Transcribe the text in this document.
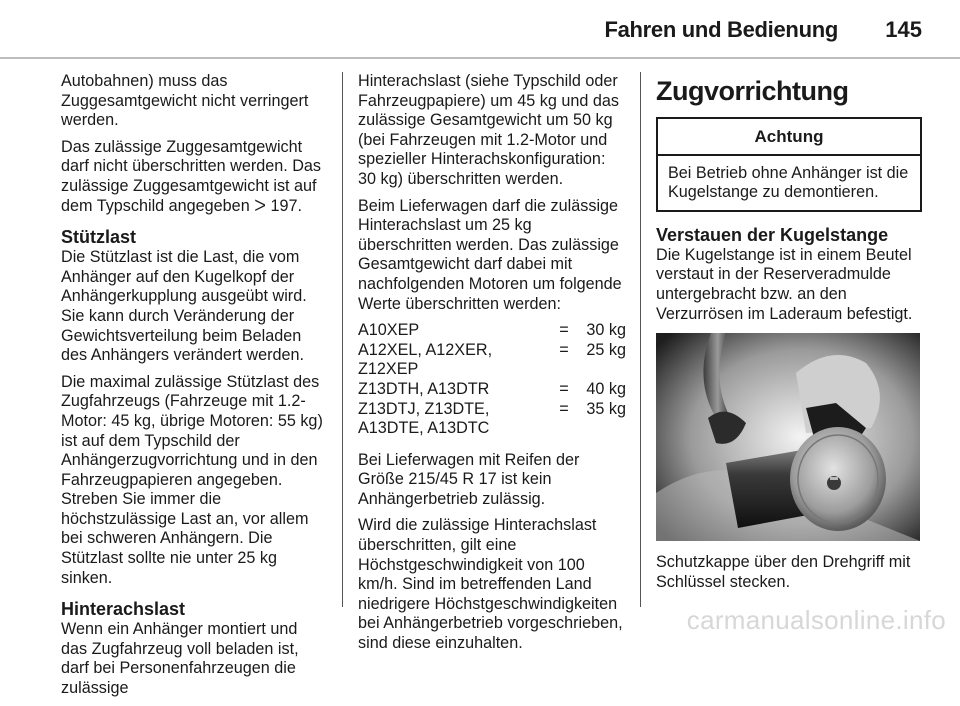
Fahren und Bedienung 145

Autobahnen) muss das Zuggesamtgewicht nicht verringert werden.

Das zulässige Zuggesamtgewicht darf nicht überschritten werden. Das zulässige Zuggesamtgewicht ist auf dem Typschild angegeben ᐳ 197.

Stützlast

Die Stützlast ist die Last, die vom Anhänger auf den Kugelkopf der Anhängerkupplung ausgeübt wird. Sie kann durch Veränderung der Gewichtsverteilung beim Beladen des Anhängers verändert werden.

Die maximal zulässige Stützlast des Zugfahrzeugs (Fahrzeuge mit 1.2-Motor: 45 kg, übrige Motoren: 55 kg) ist auf dem Typschild der Anhängerzugvorrichtung und in den Fahrzeugpapieren angegeben. Streben Sie immer die höchstzulässige Last an, vor allem bei schweren Anhängern. Die Stützlast sollte nie unter 25 kg sinken.

Hinterachslast

Wenn ein Anhänger montiert und das Zugfahrzeug voll beladen ist, darf bei Personenfahrzeugen die zulässige

Hinterachslast (siehe Typschild oder Fahrzeugpapiere) um 45 kg und das zulässige Gesamtgewicht um 50 kg (bei Fahrzeugen mit 1.2-Motor und spezieller Hinterachskonfiguration: 30 kg) überschritten werden.

Beim Lieferwagen darf die zulässige Hinterachslast um 25 kg überschritten werden. Das zulässige Gesamtgewicht darf dabei mit nachfolgenden Motoren um folgende Werte überschritten werden:

A10XEP	=	30 kg
A12XEL, A12XER, Z12XEP	=	25 kg
Z13DTH, A13DTR	=	40 kg
Z13DTJ, Z13DTE, A13DTE, A13DTC	=	35 kg

Bei Lieferwagen mit Reifen der Größe 215/45 R 17 ist kein Anhängerbetrieb zulässig.

Wird die zulässige Hinterachslast überschritten, gilt eine Höchstgeschwindigkeit von 100 km/h. Sind im betreffenden Land niedrigere Höchstgeschwindigkeiten bei Anhängerbetrieb vorgeschrieben, sind diese einzuhalten.

Zugvorrichtung
Achtung
Bei Betrieb ohne Anhänger ist die Kugelstange zu demontieren.
Verstauen der Kugelstange

Die Kugelstange ist in einem Beutel verstaut in der Reserveradmulde untergebracht bzw. an den Verzurrösen im Laderaum befestigt.

Schutzkappe über den Drehgriff mit Schlüssel stecken.

carmanualsonline.info
